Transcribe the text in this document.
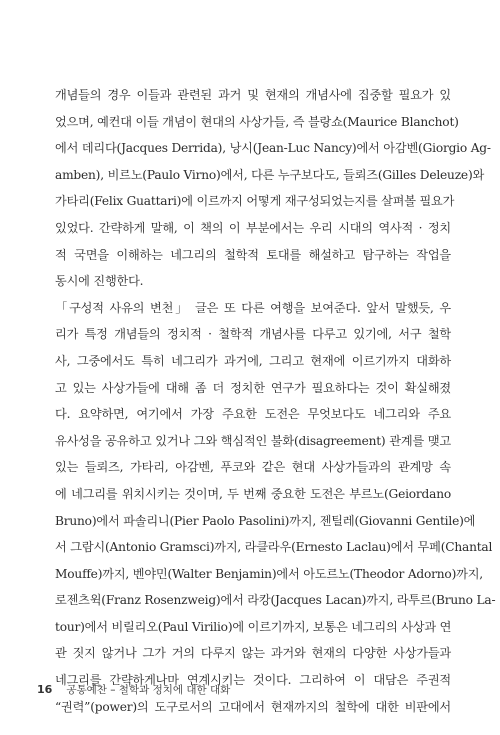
개념들의 경우 이들과 관련된 과거 및 현재의 개념사에 집중할 필요가 있
었으며, 예컨대 이들 개념이 현대의 사상가들, 즉 블랑쇼(Maurice Blanchot)
에서 데리다(Jacques Derrida), 낭시(Jean-Luc Nancy)에서 아감벤(Giorgio Ag-
amben), 비르노(Paulo Virno)에서, 다른 누구보다도, 들뢰즈(Gilles Deleuze)와
가타리(Felix Guattari)에 이르까지 어떻게 재구성되었는지를 살펴볼 필요가
있었다. 간략하게 말해, 이 책의 이 부분에서는 우리 시대의 역사적 · 정치
적 국면을 이해하는 네그리의 철학적 토대를 해설하고 탐구하는 작업을
동시에 진행한다.
「구성적 사유의 변천」 글은 또 다른 여행을 보여준다. 앞서 말했듯, 우
리가 특정 개념들의 정치적 · 철학적 개념사를 다루고 있기에, 서구 철학
사, 그중에서도 특히 네그리가 과거에, 그리고 현재에 이르기까지 대화하
고 있는 사상가들에 대해 좀 더 정치한 연구가 필요하다는 것이 확실해졌
다. 요약하면, 여기에서 가장 주요한 도전은 무엇보다도 네그리와 주요
유사성을 공유하고 있거나 그와 핵심적인 불화(disagreement) 관계를 맺고
있는 들뢰즈, 가타리, 아감벤, 푸코와 같은 현대 사상가들과의 관계망 속
에 네그리를 위치시키는 것이며, 두 번째 중요한 도전은 부르노(Geiordano
Bruno)에서 파솔리니(Pier Paolo Pasolini)까지, 젠틸레(Giovanni Gentile)에
서 그람시(Antonio Gramsci)까지, 라클라우(Ernesto Laclau)에서 무페(Chantal
Mouffe)까지, 벤야민(Walter Benjamin)에서 아도르노(Theodor Adorno)까지,
로젠츠윅(Franz Rosenzweig)에서 라캉(Jacques Lacan)까지, 라투르(Bruno La-
tour)에서 비릴리오(Paul Virilio)에 이르기까지, 보통은 네그리의 사상과 연
관 짓지 않거나 그가 거의 다루지 않는 과거와 현재의 다양한 사상가들과
네그리를 간략하게나마 연계시키는 것이다. 그리하여 이 대담은 주권적
“권력”(power)의 도구로서의 고대에서 현재까지의 철학에 대한 비판에서
16 공통예찬 – 철학과 정치에 대한 대화
